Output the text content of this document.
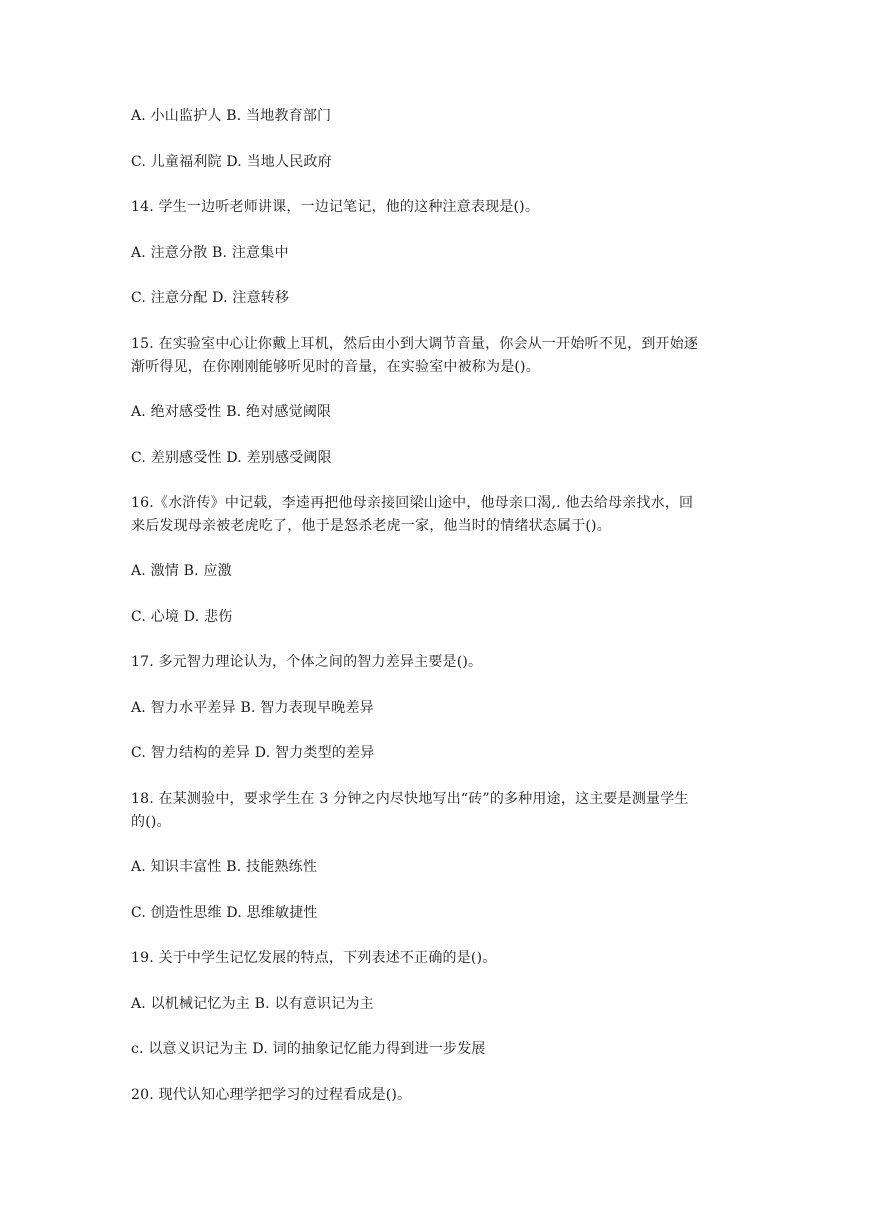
A. 小山监护人 B. 当地教育部门
C. 儿童福利院 D. 当地人民政府
14. 学生一边听老师讲课，一边记笔记，他的这种注意表现是()。
A. 注意分散 B. 注意集中
C. 注意分配 D. 注意转移
15. 在实验室中心让你戴上耳机，然后由小到大调节音量，你会从一开始听不见，到开始逐
渐听得见，在你刚刚能够听见时的音量，在实验室中被称为是()。
A. 绝对感受性 B. 绝对感觉阈限
C. 差别感受性 D. 差别感受阈限
16.《水浒传》中记载，李逵再把他母亲接回梁山途中，他母亲口渴,. 他去给母亲找水，回
来后发现母亲被老虎吃了，他于是怒杀老虎一家，他当时的情绪状态属于()。
A. 激情 B. 应激
C. 心境 D. 悲伤
17. 多元智力理论认为，个体之间的智力差异主要是()。
A. 智力水平差异 B. 智力表现早晚差异
C. 智力结构的差异 D. 智力类型的差异
18. 在某测验中，要求学生在 3 分钟之内尽快地写出“砖”的多种用途，这主要是测量学生
的()。
A. 知识丰富性 B. 技能熟练性
C. 创造性思维 D. 思维敏捷性
19. 关于中学生记忆发展的特点，下列表述不正确的是()。
A. 以机械记忆为主 B. 以有意识记为主
c. 以意义识记为主 D. 词的抽象记忆能力得到进一步发展
20. 现代认知心理学把学习的过程看成是()。
